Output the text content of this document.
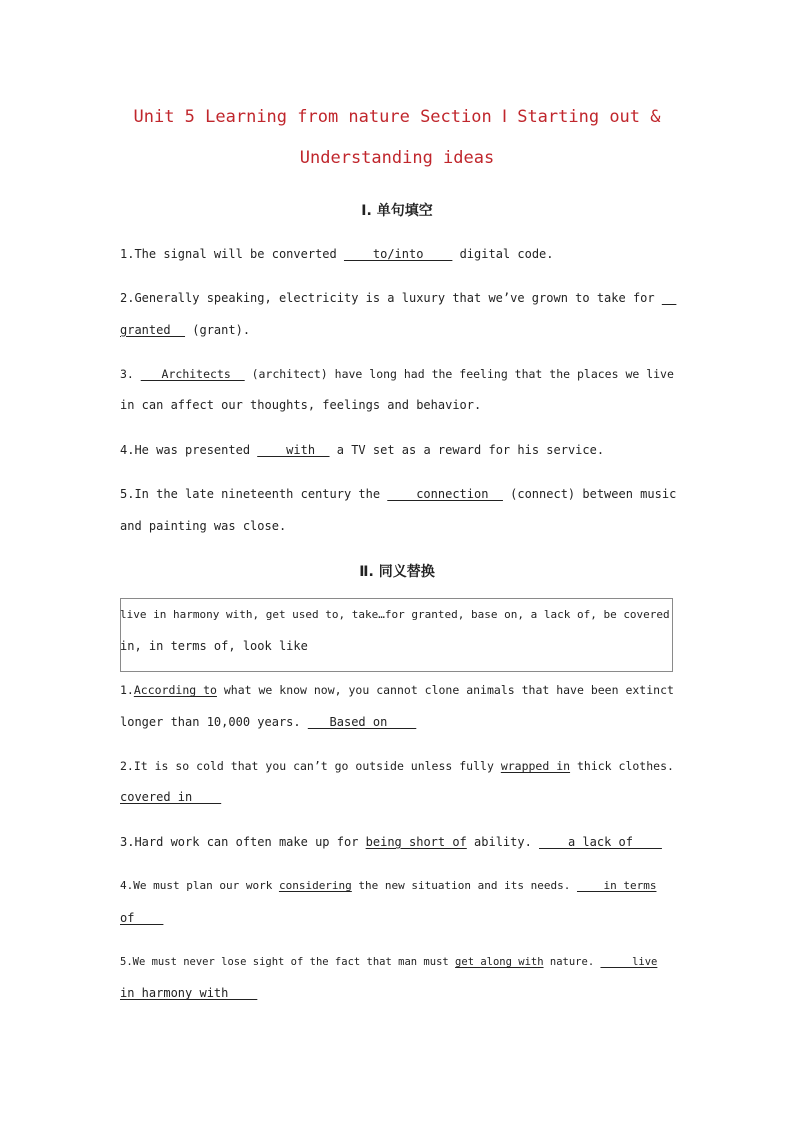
Unit 5 Learning from nature Section Ⅰ Starting out &
Understanding ideas
Ⅰ. 单句填空
1.The signal will be converted ____to/into____ digital code.
2.Generally speaking, electricity is a luxury that we’ve grown to take for __
granted__ (grant).
3. ___Architects__ (architect) have long had the feeling that the places we live
in can affect our thoughts, feelings and behavior.
4.He was presented ____with__ a TV set as a reward for his service.
5.In the late nineteenth century the ____connection__ (connect) between music
and painting was close.
Ⅱ. 同义替换
live in harmony with, get used to, take…for granted, base on, a lack of, be covered
in, in terms of, look like
1.According to what we know now, you cannot clone animals that have been extinct
longer than 10,000 years. ___Based on____
2.It is so cold that you can’t go outside unless fully wrapped in thick clothes.
covered in____
3.Hard work can often make up for being short of ability. ____a lack of____
4.We must plan our work considering the new situation and its needs. ____in terms
of____
5.We must never lose sight of the fact that man must get along with nature. _____live
in harmony with____
